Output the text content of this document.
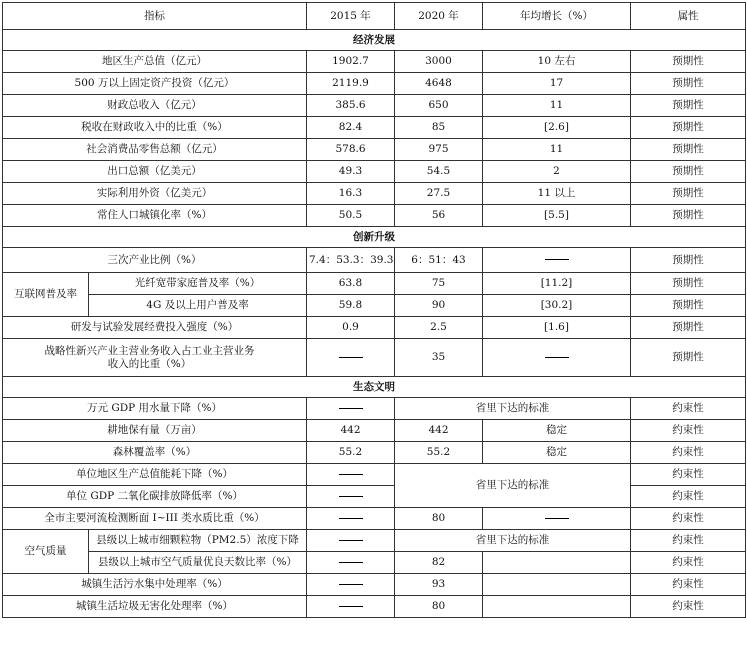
指标		2015 年	2020 年	年均增长（%）	属性
经济发展					
地区生产总值（亿元）		1902.7	3000	10 左右	预期性
500 万以上固定资产投资（亿元）		2119.9	4648	17	预期性
财政总收入（亿元）		385.6	650	11	预期性
税收在财政收入中的比重（%）		82.4	85	[2.6]	预期性
社会消费品零售总额（亿元）		578.6	975	11	预期性
出口总额（亿美元）		49.3	54.5	2	预期性
实际利用外资（亿美元）		16.3	27.5	11 以上	预期性
常住人口城镇化率（%）		50.5	56	[5.5]	预期性
创新升级					
三次产业比例（%）		7.4：53.3：39.3	6：51：43		预期性
互联网普及率	光纤宽带家庭普及率（%）	63.8	75	[11.2]	预期性
	4G 及以上用户普及率	59.8	90	[30.2]	预期性
研发与试验发展经费投入强度（%）		0.9	2.5	[1.6]	预期性
战略性新兴产业主营业务收入占工业主营业务收入的比重（%）			35		预期性
生态文明					
万元 GDP 用水量下降（%）			省里下达的标准		约束性
耕地保有量（万亩）		442	442	稳定	约束性
森林覆盖率（%）		55.2	55.2	稳定	约束性
单位地区生产总值能耗下降（%）			省里下达的标准		约束性
单位 GDP 二氧化碳排放降低率（%）					约束性
全市主要河流检测断面 I~III 类水质比重（%）			80		约束性
空气质量	县级以上城市细颗粒物（PM2.5）浓度下降		省里下达的标准		约束性
	县级以上城市空气质量优良天数比率（%）		82		约束性
城镇生活污水集中处理率（%）			93		约束性
城镇生活垃圾无害化处理率（%）			80		约束性
